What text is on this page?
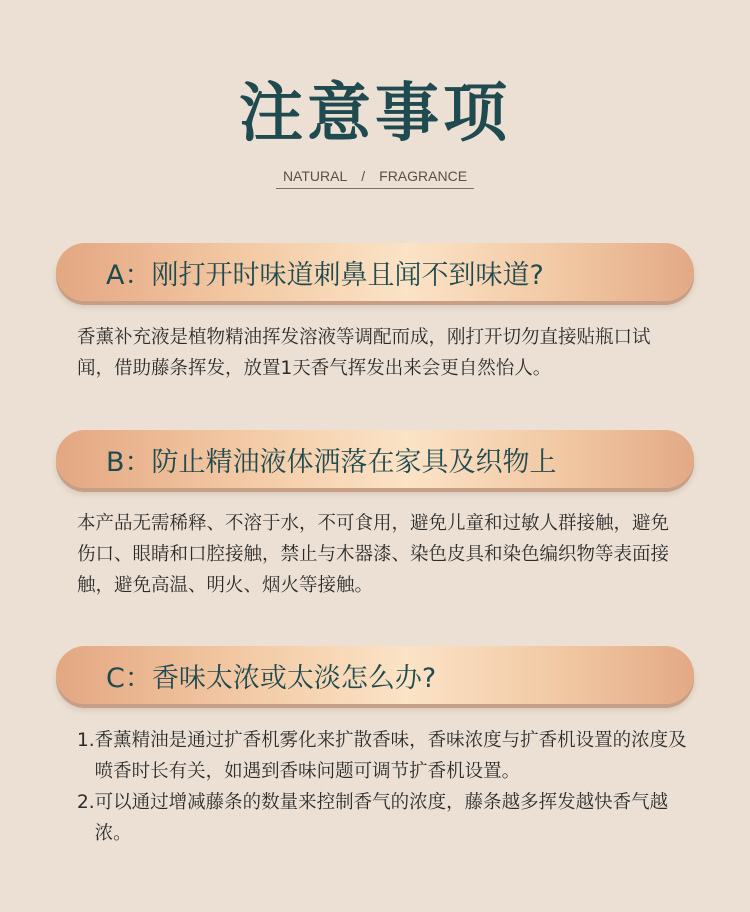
注意事项
NATURAL / FRAGRANCE
A：刚打开时味道刺鼻且闻不到味道?
香薰补充液是植物精油挥发溶液等调配而成，刚打开切勿直接贴瓶口试闻，借助藤条挥发，放置1天香气挥发出来会更自然怡人。
B：防止精油液体洒落在家具及织物上
本产品无需稀释、不溶于水，不可食用，避免儿童和过敏人群接触，避免伤口、眼睛和口腔接触，禁止与木器漆、染色皮具和染色编织物等表面接触，避免高温、明火、烟火等接触。
C：香味太浓或太淡怎么办?
1. 香薰精油是通过扩香机雾化来扩散香味，香味浓度与扩香机设置的浓度及喷香时长有关，如遇到香味问题可调节扩香机设置。
2. 可以通过增减藤条的数量来控制香气的浓度，藤条越多挥发越快香气越浓。
